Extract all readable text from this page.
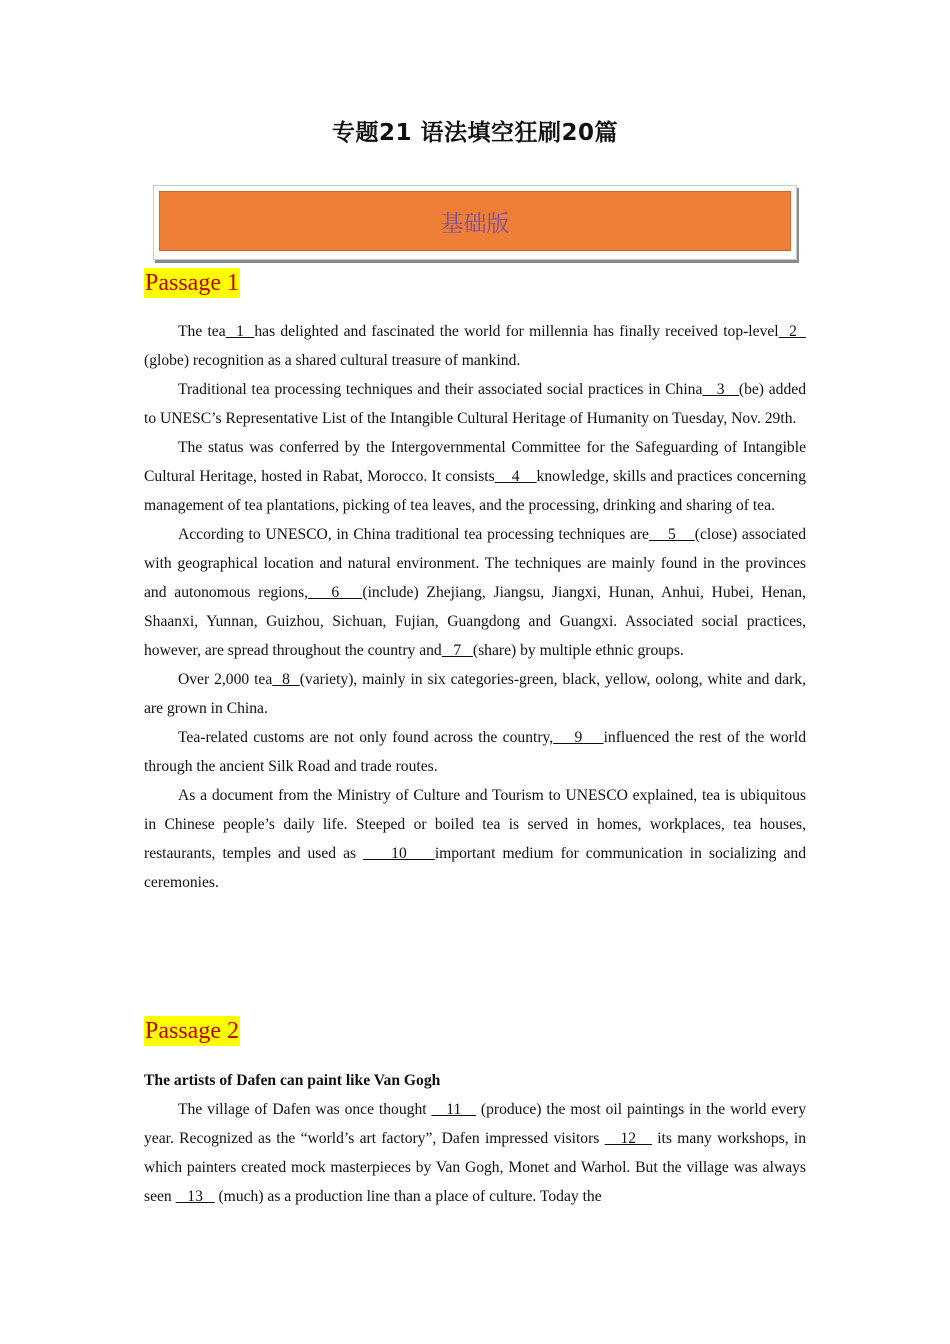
专题21 语法填空狂刷20篇
基础版
Passage 1

The tea  1  has delighted and fascinated the world for millennia has finally received top-level  2   (globe) recognition as a shared cultural treasure of mankind.

Traditional tea processing techniques and their associated social practices in China   3   (be) added to UNESC’s Representative List of the Intangible Cultural Heritage of Humanity on Tuesday, Nov. 29th.

The status was conferred by the Intergovernmental Committee for the Safeguarding of Intangible Cultural Heritage, hosted in Rabat, Morocco. It consists    4    knowledge, skills and practices concerning management of tea plantations, picking of tea leaves, and the processing, drinking and sharing of tea.

According to UNESCO, in China traditional tea processing techniques are    5    (close) associated with geographical location and natural environment. The techniques are mainly found in the provinces and autonomous regions,   6   (include) Zhejiang, Jiangsu, Jiangxi, Hunan, Anhui, Hubei, Henan, Shaanxi, Yunnan, Guizhou, Sichuan, Fujian, Guangdong and Guangxi. Associated social practices, however, are spread throughout the country and   7   (share) by multiple ethnic groups.

Over 2,000 tea  8  (variety), mainly in six categories-green, black, yellow, oolong, white and dark, are grown in China.

Tea-related customs are not only found across the country,    9    influenced the rest of the world through the ancient Silk Road and trade routes.

As a document from the Ministry of Culture and Tourism to UNESCO explained, tea is ubiquitous in Chinese people’s daily life. Steeped or boiled tea is served in homes, workplaces, tea houses, restaurants, temples and used as     10    important medium for communication in socializing and ceremonies.

Passage 2

The artists of Dafen can paint like Van Gogh

The village of Dafen was once thought    11    (produce) the most oil paintings in the world every year. Recognized as the “world’s art factory”, Dafen impressed visitors    12    its many workshops, in which painters created mock masterpieces by Van Gogh, Monet and Warhol. But the village was always seen    13    (much) as a production line than a place of culture. Today the
